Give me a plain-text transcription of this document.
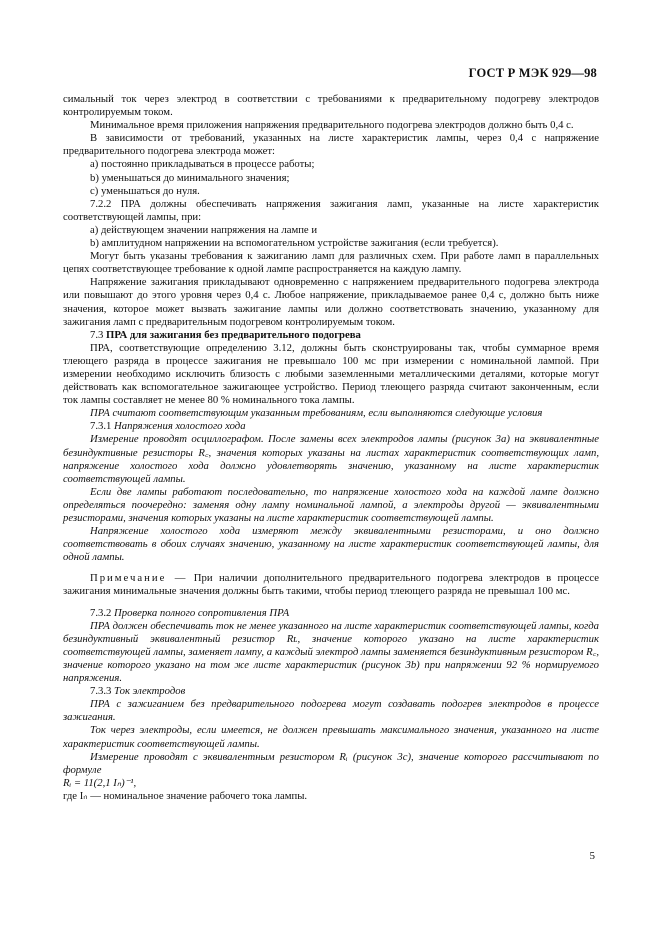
ГОСТ Р МЭК 929—98

симальный ток через электрод в соответствии с требованиями к предварительному подогреву электродов контролируемым током.

Минимальное время приложения напряжения предварительного подогрева электродов должно быть 0,4 с.

В зависимости от требований, указанных на листе характеристик лампы, через 0,4 с напряжение предварительного подогрева электрода может:

а) постоянно прикладываться в процессе работы;

b) уменьшаться до минимального значения;

c) уменьшаться до нуля.

7.2.2 ПРА должны обеспечивать напряжения зажигания ламп, указанные на листе характеристик соответствующей лампы, при:

a) действующем значении напряжения на лампе и

b) амплитудном напряжении на вспомогательном устройстве зажигания (если требуется).

Могут быть указаны требования к зажиганию ламп для различных схем. При работе ламп в параллельных цепях соответствующее требование к одной лампе распространяется на каждую лампу.

Напряжение зажигания прикладывают одновременно с напряжением предварительного подогрева электрода или повышают до этого уровня через 0,4 с. Любое напряжение, прикладываемое ранее 0,4 с, должно быть ниже значения, которое может вызвать зажигание лампы или должно соответствовать значению, указанному для зажигания ламп с предварительным подогревом контролируемым током.

7.3 ПРА для зажигания без предварительного подогрева

ПРА, соответствующие определению 3.12, должны быть сконструированы так, чтобы суммарное время тлеющего разряда в процессе зажигания не превышало 100 мс при измерении с номинальной лампой. При измерении необходимо исключить близость с любыми заземленными металлическими деталями, которые могут действовать как вспомогательное зажигающее устройство. Период тлеющего разряда считают законченным, если ток лампы составляет не менее 80 % номинального тока лампы.

ПРА считают соответствующим указанным требованиям, если выполняются следующие условия

7.3.1 Напряжения холостого хода

Измерение проводят осциллографом. После замены всех электродов лампы (рисунок 3а) на эквивалентные безиндуктивные резисторы R꜀, значения которых указаны на листах характеристик соответствующих ламп, напряжение холостого хода должно удовлетворять значению, указанному на листе характеристик соответствующей лампы.

Если две лампы работают последовательно, то напряжение холостого хода на каждой лампе должно определяться поочередно: заменяя одну лампу номинальной лампой, а электроды другой — эквивалентными резисторами, значения которых указаны на листе характеристик соответствующей лампы.

Напряжение холостого хода измеряют между эквивалентными резисторами, и оно должно соответствовать в обоих случаях значению, указанному на листе характеристик соответствующей лампы, для одной лампы.

Примечание — При наличии дополнительного предварительного подогрева электродов в процессе зажигания минимальные значения должны быть такими, чтобы период тлеющего разряда не превышал 100 мс.

7.3.2 Проверка полного сопротивления ПРА

ПРА должен обеспечивать ток не менее указанного на листе характеристик соответствующей лампы, когда безиндуктивный эквивалентный резистор Rʟ, значение которого указано на листе характеристик соответствующей лампы, заменяет лампу, а каждый электрод лампы заменяется безиндуктивным резистором R꜀, значение которого указано на том же листе характеристик (рисунок 3b) при напряжении 92 % нормируемого напряжения.

7.3.3 Ток электродов

ПРА с зажиганием без предварительного подогрева могут создавать подогрев электродов в процессе зажигания.

Ток через электроды, если имеется, не должен превышать максимального значения, указанного на листе характеристик соответствующей лампы.

Измерение проводят с эквивалентным резистором Rᵢ (рисунок 3с), значение которого рассчитывают по формуле

Rᵢ = 11(2,1 Iₙ)⁻¹,

где Iₙ — номинальное значение рабочего тока лампы.

5
